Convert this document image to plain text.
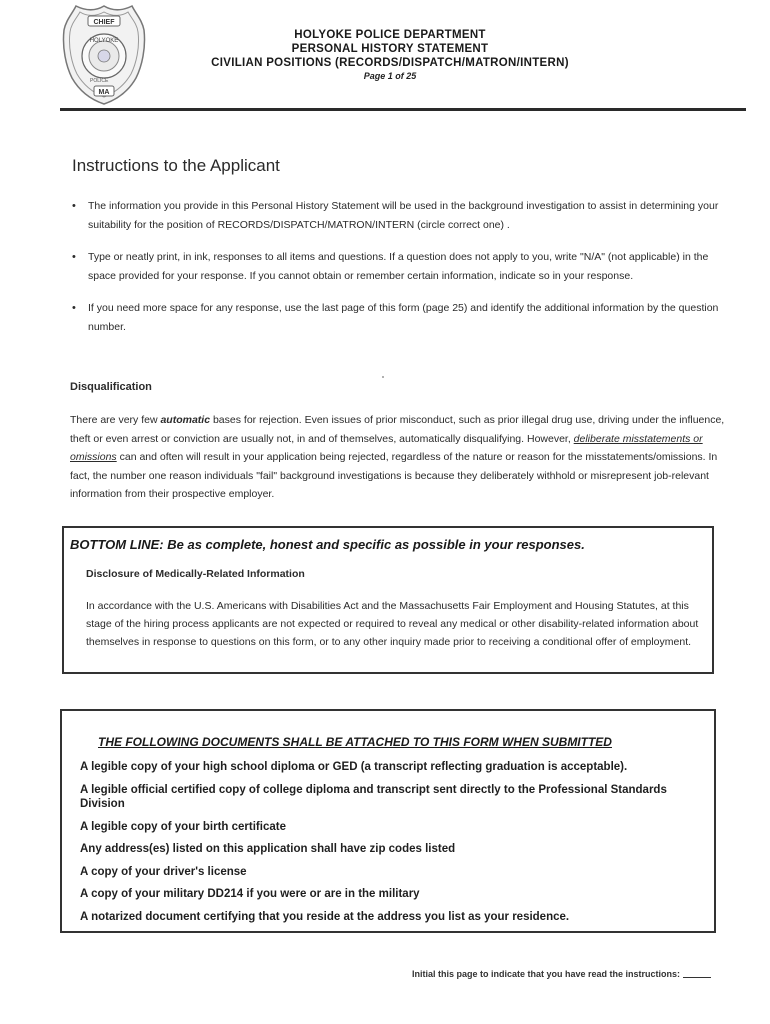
CHIEF
HOLYOKE
POLICE
MA
HOLYOKE POLICE DEPARTMENT
PERSONAL HISTORY STATEMENT
CIVILIAN POSITIONS (RECORDS/DISPATCH/MATRON/INTERN)
Page 1 of 25
Instructions to the Applicant
• The information you provide in this Personal History Statement will be used in the background investigation to assist in determining your suitability for the position of RECORDS/DISPATCH/MATRON/INTERN (circle correct one) .
• Type or neatly print, in ink, responses to all items and questions. If a question does not apply to you, write "N/A" (not applicable) in the space provided for your response. If you cannot obtain or remember certain information, indicate so in your response.
• If you need more space for any response, use the last page of this form (page 25) and identify the additional information by the question number.
Disqualification
There are very few automatic bases for rejection. Even issues of prior misconduct, such as prior illegal drug use, driving under the influence, theft or even arrest or conviction are usually not, in and of themselves, automatically disqualifying. However, deliberate misstatements or omissions can and often will result in your application being rejected, regardless of the nature or reason for the misstatements/omissions. In fact, the number one reason individuals "fail" background investigations is because they deliberately withhold or misrepresent job-relevant information from their prospective employer.
BOTTOM LINE: Be as complete, honest and specific as possible in your responses.
Disclosure of Medically-Related Information
In accordance with the U.S. Americans with Disabilities Act and the Massachusetts Fair Employment and Housing Statutes, at this stage of the hiring process applicants are not expected or required to reveal any medical or other disability-related information about themselves in response to questions on this form, or to any other inquiry made prior to receiving a conditional offer of employment.
THE FOLLOWING DOCUMENTS SHALL BE ATTACHED TO THIS FORM WHEN SUBMITTED
A legible copy of your high school diploma or GED (a transcript reflecting graduation is acceptable).
A legible official certified copy of college diploma and transcript sent directly to the Professional Standards Division
A legible copy of your birth certificate
Any address(es) listed on this application shall have zip codes listed
A copy of your driver's license
A copy of your military DD214 if you were or are in the military
A notarized document certifying that you reside at the address you list as your residence.
Initial this page to indicate that you have read the instructions:
